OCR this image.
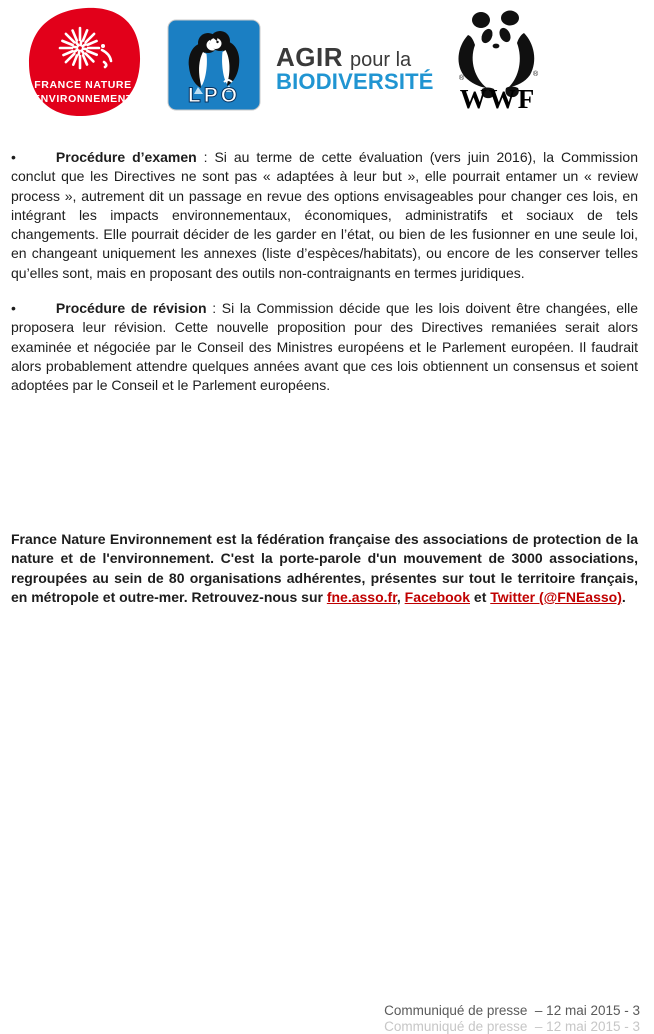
FRANCE NATURE
ENVIRONNEMENT	LPO
AGIR pour la
BIODIVERSITÉ	®
®
WWF

•	Procédure d’examen : Si au terme de cette évaluation (vers juin 2016), la Commission conclut que les Directives ne sont pas « adaptées à leur but », elle pourrait entamer un « review process », autrement dit un passage en revue des options envisageables pour changer ces lois, en intégrant les impacts environnementaux, économiques, administratifs et sociaux de tels changements. Elle pourrait décider de les garder en l’état, ou bien de les fusionner en une seule loi, en changeant uniquement les annexes (liste d’espèces/habitats), ou encore de les conserver telles qu’elles sont, mais en proposant des outils non-contraignants en termes juridiques.

•	Procédure de révision : Si la Commission décide que les lois doivent être changées, elle proposera leur révision. Cette nouvelle proposition pour des Directives remaniées serait alors examinée et négociée par le Conseil des Ministres européens et le Parlement européen. Il faudrait alors probablement attendre quelques années avant que ces lois obtiennent un consensus et soient adoptées par le Conseil et le Parlement européens.

France Nature Environnement est la fédération française des associations de protection de la nature et de l'environnement. C'est la porte-parole d'un mouvement de 3000 associations, regroupées au sein de 80 organisations adhérentes, présentes sur tout le territoire français, en métropole et outre-mer. Retrouvez-nous sur fne.asso.fr, Facebook et Twitter (@FNEasso).

Communiqué de presse  – 12 mai 2015 - 3
Communiqué de presse  – 12 mai 2015 - 3
